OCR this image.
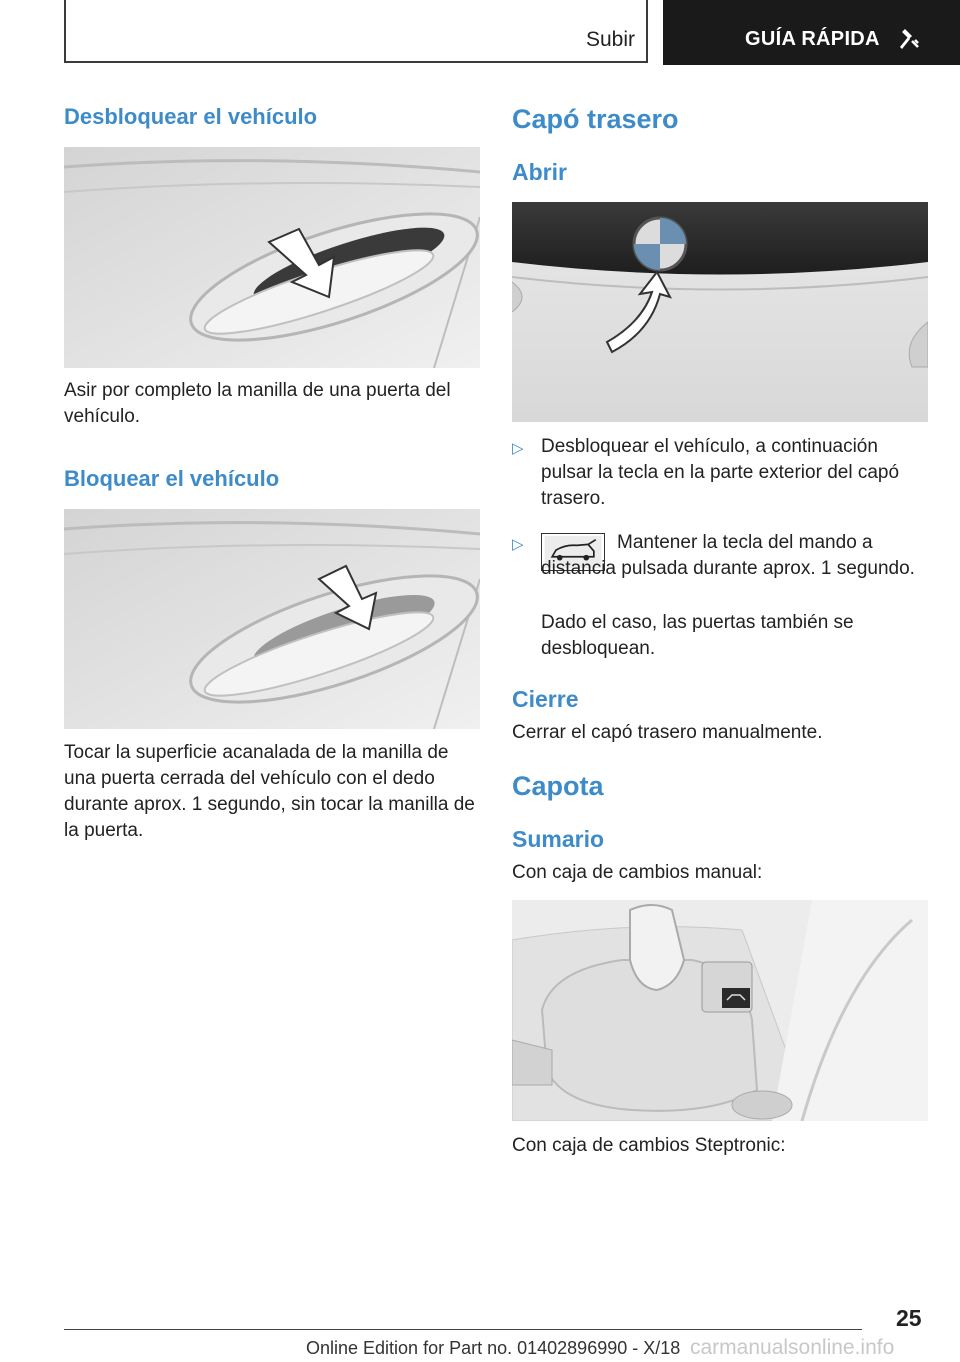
Subir	GUÍA RÁPIDA
Desbloquear el vehículo

Asir por completo la manilla de una puerta del vehículo.

Bloquear el vehículo

Tocar la superficie acanalada de la manilla de una puerta cerrada del vehículo con el dedo durante aprox. 1 segundo, sin tocar la manilla de la puerta.

Capó trasero
Abrir
▷ Desbloquear el vehículo, a continuación pulsar la tecla en la parte exterior del capó trasero.

▷	Mantener la tecla del mando a distancia pulsada durante aprox. 1 segundo.

Dado el caso, las puertas también se desbloquean.

Cierre

Cerrar el capó trasero manualmente.

Capota
Sumario

Con caja de cambios manual:

Con caja de cambios Steptronic:

25
Online Edition for Part no. 01402896990 - X/18 carmanualsonline.info
